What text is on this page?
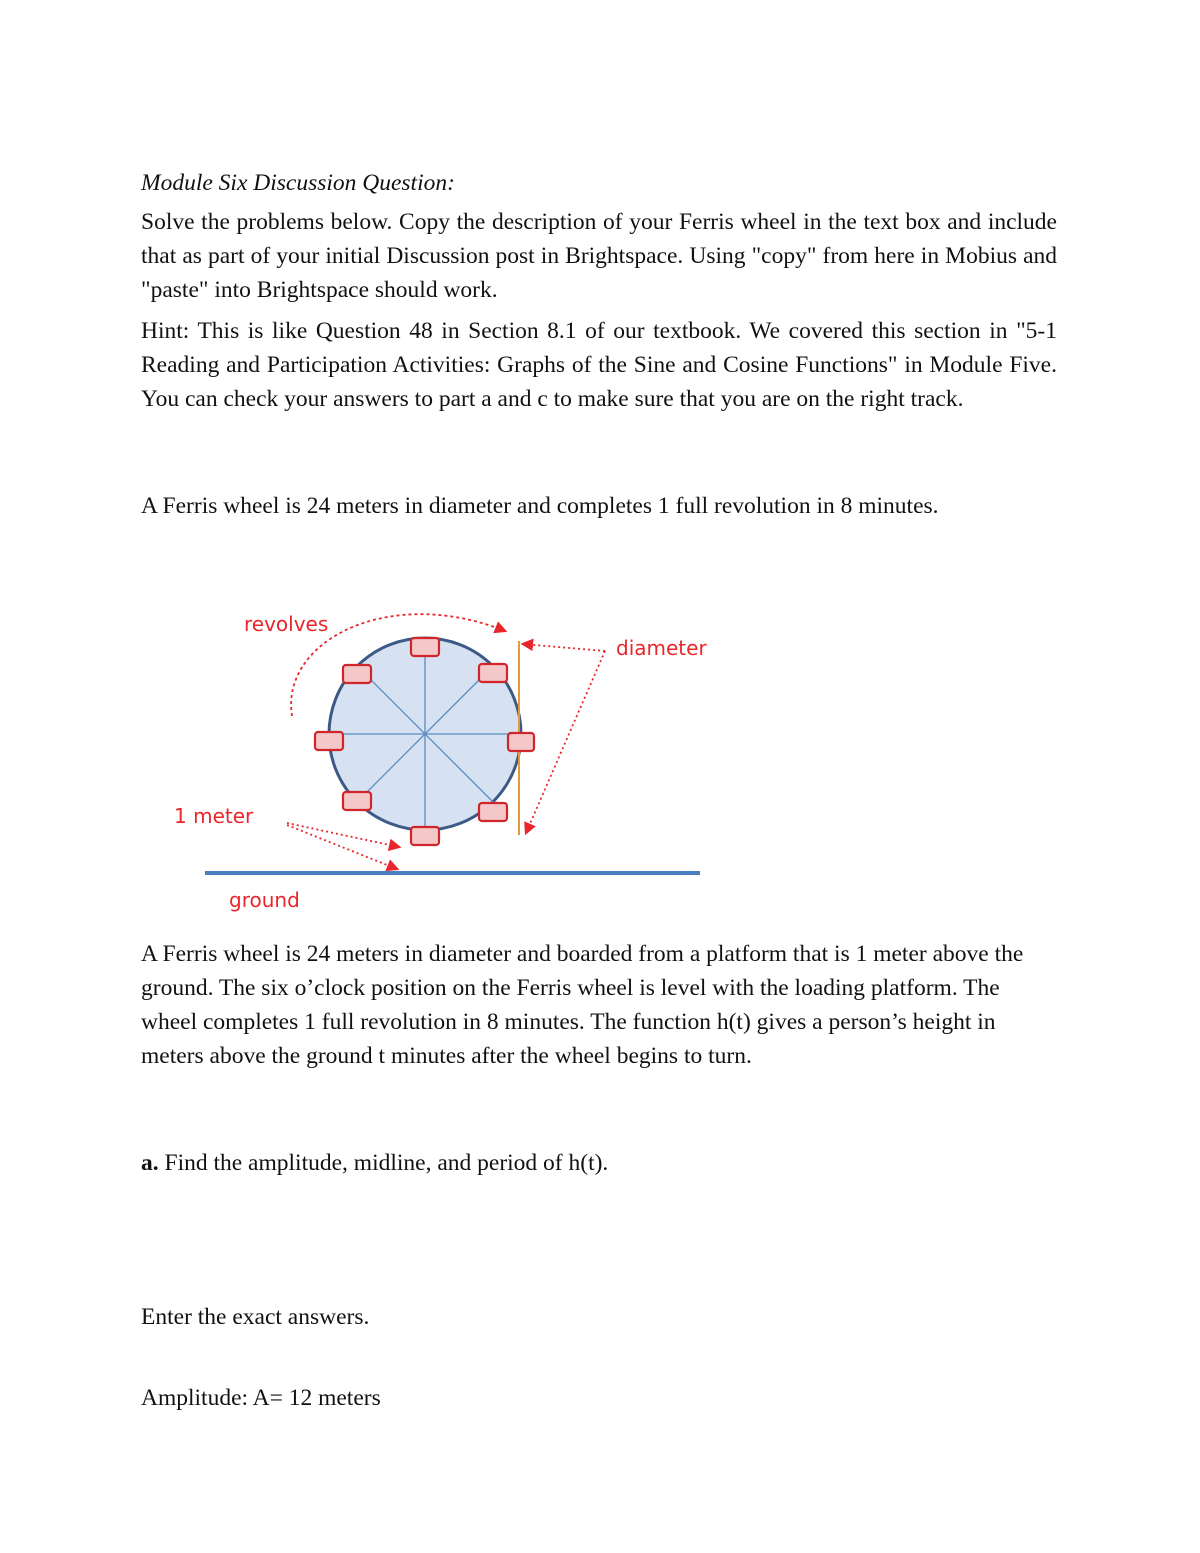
Module Six Discussion Question:

Solve the problems below. Copy the description of your Ferris wheel in the text box and include that as part of your initial Discussion post in Brightspace. Using "copy" from here in Mobius and "paste" into Brightspace should work.

Hint: This is like Question 48 in Section 8.1 of our textbook. We covered this section in "5-1 Reading and Participation Activities: Graphs of the Sine and Cosine Functions" in Module Five. You can check your answers to part a and c to make sure that you are on the right track.

A Ferris wheel is 24 meters in diameter and completes 1 full revolution in 8 minutes.

revolves
diameter
1 meter
ground

A Ferris wheel is 24 meters in diameter and boarded from a platform that is 1 meter above the ground. The six o’clock position on the Ferris wheel is level with the loading platform. The wheel completes 1 full revolution in 8 minutes. The function h(t) gives a person’s height in meters above the ground t minutes after the wheel begins to turn.

a. Find the amplitude, midline, and period of h(t).

Enter the exact answers.

Amplitude: A= 12 meters
